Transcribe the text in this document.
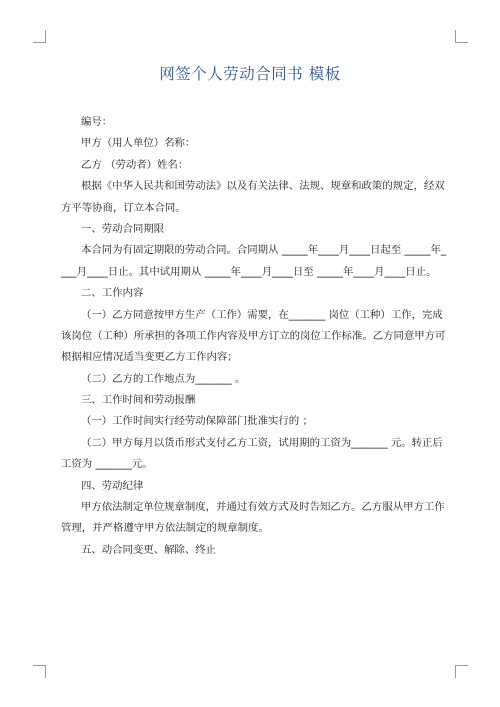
网签个人劳动合同书 模板
编号：
甲方（用人单位）名称：
乙方 （劳动者）姓名：
根据《中华人民共和国劳动法》以及有关法律、法规、规章和政策的规定，经双
方平等协商，订立本合同。
一、劳动合同期限
本合同为有固定期限的劳动合同。合同期从 _____年____月____日起至 _____年_
___月____日止。其中试用期从 _____年____月____日至 _____年____月____日止。
二、工作内容
（一）乙方同意按甲方生产（工作）需要，在_______ 岗位（工种）工作，完成
该岗位（工种）所承担的各项工作内容及甲方订立的岗位工作标准。乙方同意甲方可
根据相应情况适当变更乙方工作内容；
（二）乙方的工作地点为_______ 。
三、工作时间和劳动报酬
（一）工作时间实行经劳动保障部门批准实行的 ；
（二）甲方每月以货币形式支付乙方工资，试用期的工资为_______ 元。转正后
工资为 _______元。
四、劳动纪律
甲方依法制定单位规章制度，并通过有效方式及时告知乙方。乙方服从甲方工作
管理，并严格遵守甲方依法制定的规章制度。
五、动合同变更、解除、终止
